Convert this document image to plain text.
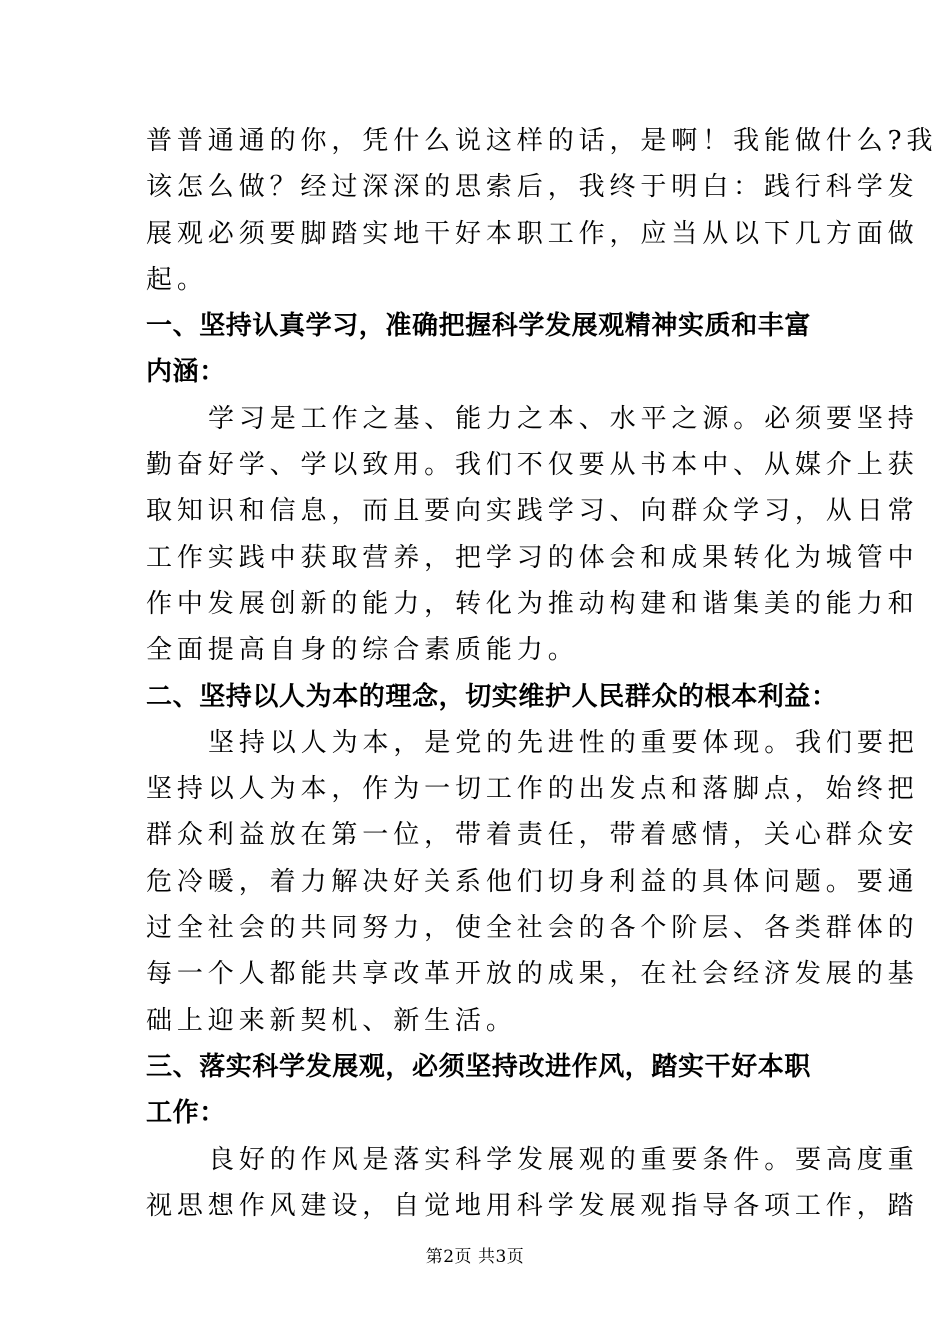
普普通通的你，凭什么说这样的话，是啊！我能做什么?我
该怎么做？经过深深的思索后，我终于明白：践行科学发
展观必须要脚踏实地干好本职工作，应当从以下几方面做
起。
一、坚持认真学习，准确把握科学发展观精神实质和丰富
内涵：
学习是工作之基、能力之本、水平之源。必须要坚持
勤奋好学、学以致用。我们不仅要从书本中、从媒介上获
取知识和信息，而且要向实践学习、向群众学习，从日常
工作实践中获取营养，把学习的体会和成果转化为城管中
作中发展创新的能力，转化为推动构建和谐集美的能力和
全面提高自身的综合素质能力。
二、坚持以人为本的理念，切实维护人民群众的根本利益：
坚持以人为本，是党的先进性的重要体现。我们要把
坚持以人为本，作为一切工作的出发点和落脚点，始终把
群众利益放在第一位，带着责任，带着感情，关心群众安
危冷暖，着力解决好关系他们切身利益的具体问题。要通
过全社会的共同努力，使全社会的各个阶层、各类群体的
每一个人都能共享改革开放的成果，在社会经济发展的基
础上迎来新契机、新生活。
三、落实科学发展观，必须坚持改进作风，踏实干好本职
工作：
良好的作风是落实科学发展观的重要条件。要高度重
视思想作风建设，自觉地用科学发展观指导各项工作，踏
第2页 共3页
